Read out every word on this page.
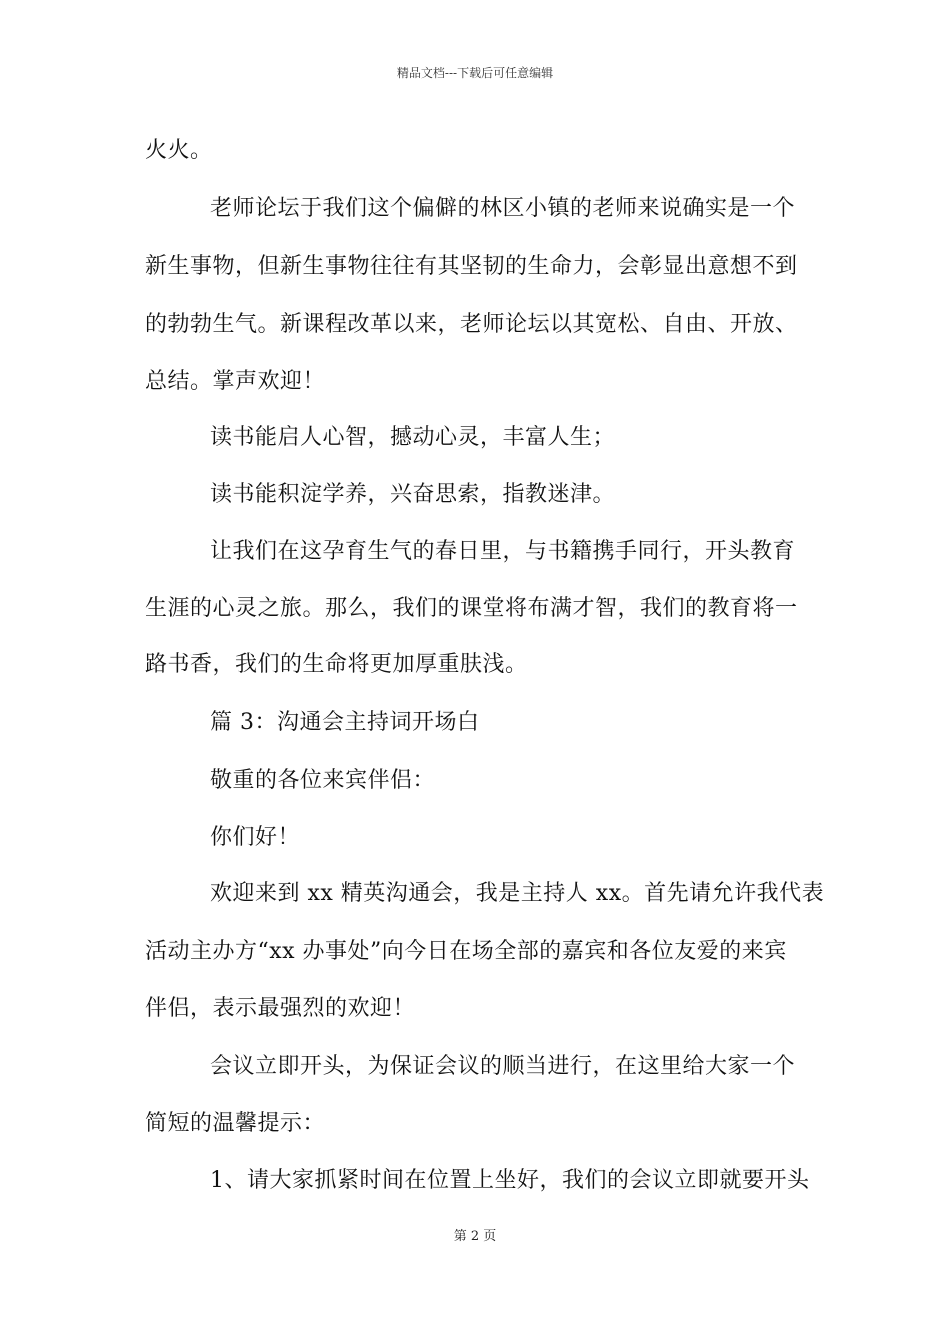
精品文档---下载后可任意编辑
火火。
老师论坛于我们这个偏僻的林区小镇的老师来说确实是一个
新生事物，但新生事物往往有其坚韧的生命力，会彰显出意想不到
的勃勃生气。新课程改革以来，老师论坛以其宽松、自由、开放、
总结。掌声欢迎！
读书能启人心智，撼动心灵，丰富人生；
读书能积淀学养，兴奋思索，指教迷津。
让我们在这孕育生气的春日里，与书籍携手同行，开头教育
生涯的心灵之旅。那么，我们的课堂将布满才智，我们的教育将一
路书香，我们的生命将更加厚重肤浅。
篇 3：沟通会主持词开场白
敬重的各位来宾伴侣：
你们好！
欢迎来到 xx 精英沟通会，我是主持人 xx。首先请允许我代表
活动主办方“xx 办事处”向今日在场全部的嘉宾和各位友爱的来宾
伴侣，表示最强烈的欢迎！
会议立即开头，为保证会议的顺当进行，在这里给大家一个
简短的温馨提示：
1、请大家抓紧时间在位置上坐好，我们的会议立即就要开头
第 2 页
